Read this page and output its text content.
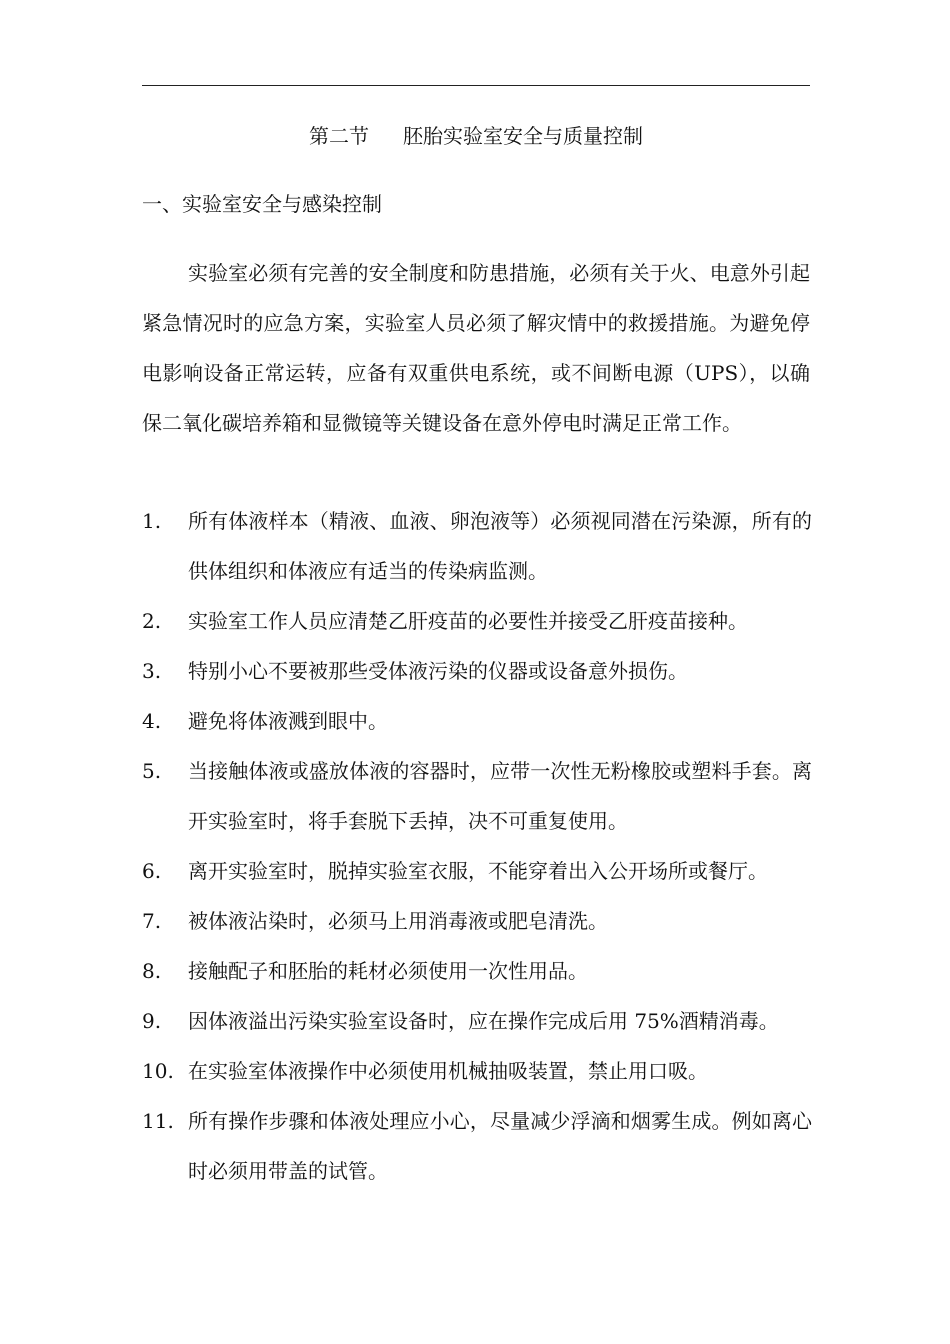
第二节 胚胎实验室安全与质量控制
一、实验室安全与感染控制

实验室必须有完善的安全制度和防患措施，必须有关于火、电意外引起紧急情况时的应急方案，实验室人员必须了解灾情中的救援措施。为避免停电影响设备正常运转，应备有双重供电系统，或不间断电源（UPS），以确保二氧化碳培养箱和显微镜等关键设备在意外停电时满足正常工作。

1.	所有体液样本（精液、血液、卵泡液等）必须视同潜在污染源，所有的供体组织和体液应有适当的传染病监测。
2.	实验室工作人员应清楚乙肝疫苗的必要性并接受乙肝疫苗接种。
3.	特别小心不要被那些受体液污染的仪器或设备意外损伤。
4.	避免将体液溅到眼中。
5.	当接触体液或盛放体液的容器时，应带一次性无粉橡胶或塑料手套。离开实验室时，将手套脱下丢掉，决不可重复使用。
6.	离开实验室时，脱掉实验室衣服，不能穿着出入公开场所或餐厅。
7.	被体液沾染时，必须马上用消毒液或肥皂清洗。
8.	接触配子和胚胎的耗材必须使用一次性用品。
9.	因体液溢出污染实验室设备时，应在操作完成后用 75%酒精消毒。
10. 在实验室体液操作中必须使用机械抽吸装置，禁止用口吸。
11. 所有操作步骤和体液处理应小心，尽量减少浮滴和烟雾生成。例如离心时必须用带盖的试管。
